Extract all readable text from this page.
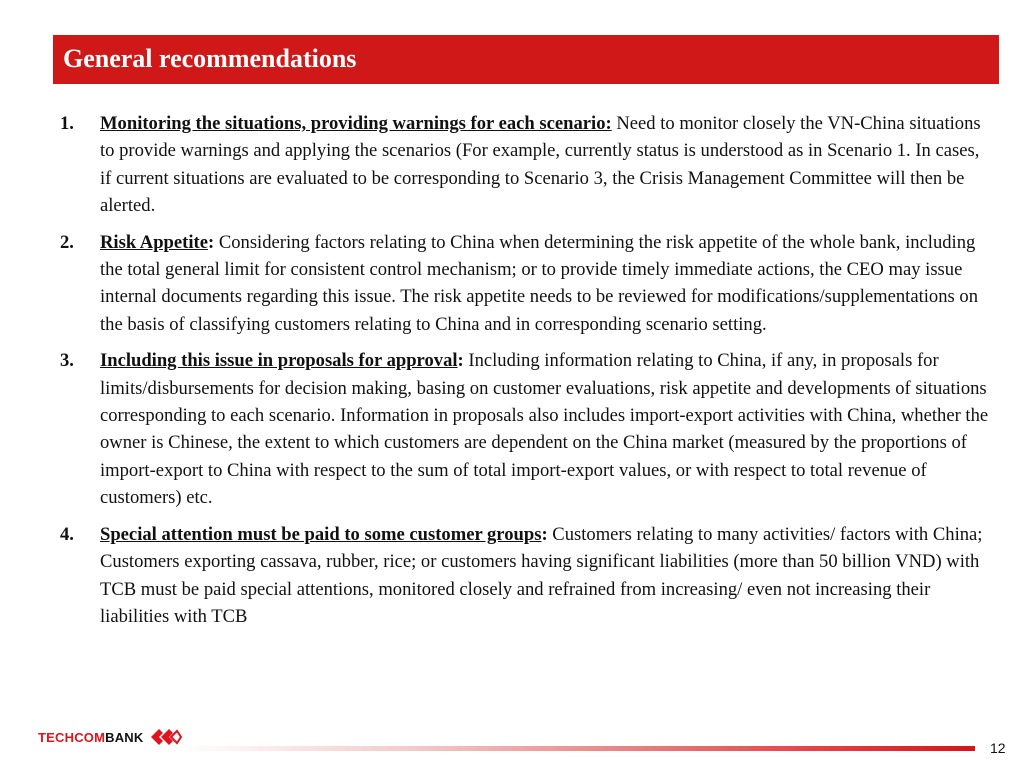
General recommendations
1. Monitoring the situations, providing warnings for each scenario: Need to monitor closely the VN-China situations to provide warnings and applying the scenarios (For example, currently status is understood as in Scenario 1. In cases, if current situations are evaluated to be corresponding to Scenario 3, the Crisis Management Committee will then be alerted.
2. Risk Appetite: Considering factors relating to China when determining the risk appetite of the whole bank, including the total general limit for consistent control mechanism; or to provide timely immediate actions, the CEO may issue internal documents regarding this issue. The risk appetite needs to be reviewed for modifications/supplementations on the basis of classifying customers relating to China and in corresponding scenario setting.
3. Including this issue in proposals for approval: Including information relating to China, if any, in proposals for limits/disbursements for decision making, basing on customer evaluations, risk appetite and developments of situations corresponding to each scenario. Information in proposals also includes import-export activities with China, whether the owner is Chinese, the extent to which customers are dependent on the China market (measured by the proportions of import-export to China with respect to the sum of total import-export values, or with respect to total revenue of customers) etc.
4. Special attention must be paid to some customer groups: Customers relating to many activities/ factors with China; Customers exporting cassava, rubber, rice; or customers having significant liabilities (more than 50 billion VND) with TCB must be paid special attentions, monitored closely and refrained from increasing/ even not increasing their liabilities with TCB
TECHCOMBANK
12
